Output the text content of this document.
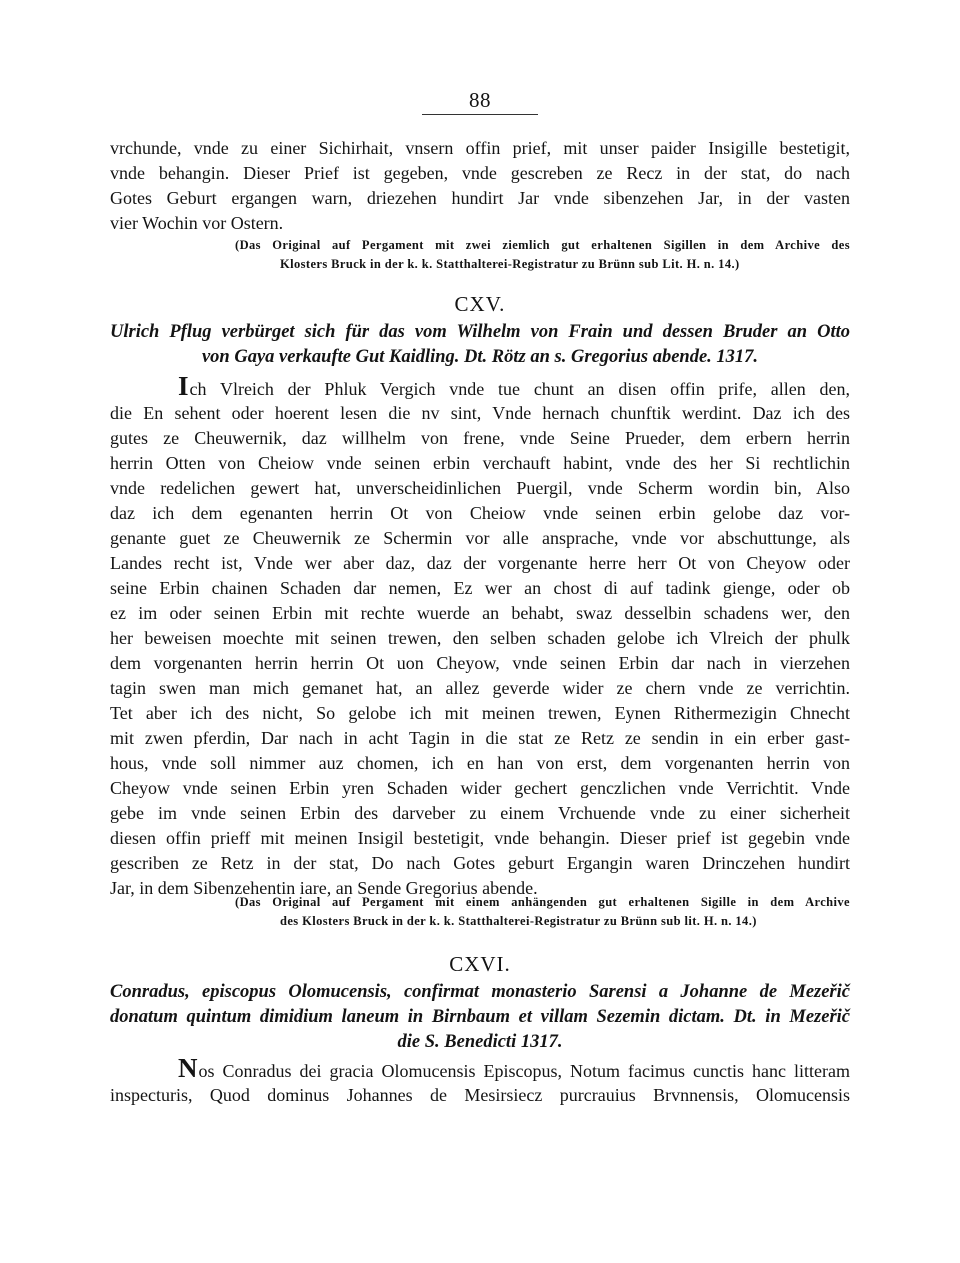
88
vrchunde, vnde zu einer Sichirhait, vnsern offin prief, mit unser paider Insigille bestetigit,
vnde behangin. Dieser Prief ist gegeben, vnde gescreben ze Recz in der stat, do nach
Gotes Geburt ergangen warn, driezehen hundirt Jar vnde sibenzehen Jar, in der vasten
vier Wochin vor Ostern.
(Das Original auf Pergament mit zwei ziemlich gut erhaltenen Sigillen in dem Archive des
Klosters Bruck in der k. k. Statthalterei-Registratur zu Brünn sub Lit. H. n. 14.)
CXV.
Ulrich Pflug verbürget sich für das vom Wilhelm von Frain und dessen Bruder an Otto
von Gaya verkaufte Gut Kaidling. Dt. Rötz an s. Gregorius abende. 1317.
Ich Vlreich der Phluk Vergich vnde tue chunt an disen offin prife, allen den,
die En sehent oder hoerent lesen die nv sint, Vnde hernach chunftik werdint. Daz ich des
gutes ze Cheuwernik, daz willhelm von frene, vnde Seine Prueder, dem erbern herrin
herrin Otten von Cheiow vnde seinen erbin verchauft habint, vnde des her Si rechtlichin
vnde redelichen gewert hat, unverscheidinlichen Puergil, vnde Scherm wordin bin, Also
daz ich dem egenanten herrin Ot von Cheiow vnde seinen erbin gelobe daz vor-
genante guet ze Cheuwernik ze Schermin vor alle ansprache, vnde vor abschuttunge, als
Landes recht ist, Vnde wer aber daz, daz der vorgenante herre herr Ot von Cheyow oder
seine Erbin chainen Schaden dar nemen, Ez wer an chost di auf tadink gienge, oder ob
ez im oder seinen Erbin mit rechte wuerde an behabt, swaz desselbin schadens wer, den
her beweisen moechte mit seinen trewen, den selben schaden gelobe ich Vlreich der phulk
dem vorgenanten herrin herrin Ot uon Cheyow, vnde seinen Erbin dar nach in vierzehen
tagin swen man mich gemanet hat, an allez geverde wider ze chern vnde ze verrichtin.
Tet aber ich des nicht, So gelobe ich mit meinen trewen, Eynen Rithermezigin Chnecht
mit zwen pferdin, Dar nach in acht Tagin in die stat ze Retz ze sendin in ein erber gast-
hous, vnde soll nimmer auz chomen, ich en han von erst, dem vorgenanten herrin von
Cheyow vnde seinen Erbin yren Schaden wider gechert genczlichen vnde Verrichtit. Vnde
gebe im vnde seinen Erbin des darveber zu einem Vrchuende vnde zu einer sicherheit
diesen offin prieff mit meinen Insigil bestetigit, vnde behangin. Dieser prief ist gegebin vnde
gescriben ze Retz in der stat, Do nach Gotes geburt Ergangin waren Drinczehen hundirt
Jar, in dem Sibenzehentin iare, an Sende Gregorius abende.
(Das Original auf Pergament mit einem anhängenden gut erhaltenen Sigille in dem Archive
des Klosters Bruck in der k. k. Statthalterei-Registratur zu Brünn sub lit. H. n. 14.)
CXVI.
Conradus, episcopus Olomucensis, confirmat monasterio Sarensi a Johanne de Mezeřič
donatum quintum dimidium laneum in Birnbaum et villam Sezemin dictam. Dt. in Mezeřič
die S. Benedicti 1317.
Nos Conradus dei gracia Olomucensis Episcopus, Notum facimus cunctis hanc litteram
inspecturis, Quod dominus Johannes de Mesirsiecz purcrauius Brvnnensis, Olomucensis
